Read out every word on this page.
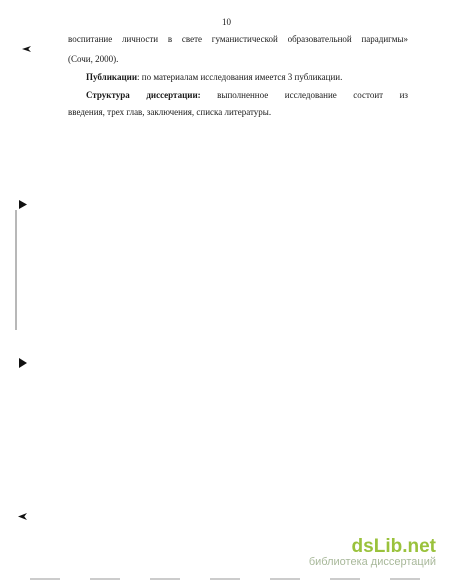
10
воспитание личности в свете гуманистической образовательной парадигмы»
(Сочи, 2000).
Публикации: по материалам исследования имеется 3 публикации.
Структура диссертации: выполненное исследование состоит из
введения, трех глав, заключения, списка литературы.
dsLib.net
библиотека диссертаций
